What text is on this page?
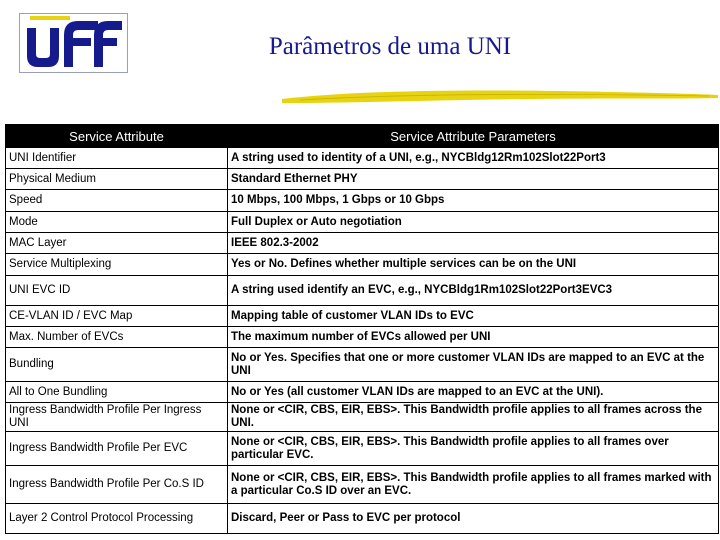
Parâmetros de uma UNI
Service Attribute	Service Attribute Parameters
UNI Identifier	A string used to identity of a UNI, e.g., NYCBldg12Rm102Slot22Port3
Physical Medium	Standard Ethernet PHY
Speed	10 Mbps, 100 Mbps, 1 Gbps or 10 Gbps
Mode	Full Duplex or Auto negotiation
MAC Layer	IEEE 802.3-2002
Service Multiplexing	Yes or No. Defines whether multiple services can be on the UNI
UNI EVC ID	A string used identify an EVC, e.g., NYCBldg1Rm102Slot22Port3EVC3
CE-VLAN ID / EVC Map	Mapping table of customer VLAN IDs to EVC
Max. Number of EVCs	The maximum number of EVCs allowed per UNI
Bundling	No or Yes. Specifies that one or more customer VLAN IDs are mapped to an EVC at the UNI
All to One Bundling	No or Yes (all customer VLAN IDs are mapped to an EVC at the UNI).
Ingress Bandwidth Profile Per Ingress UNI	None or <CIR, CBS, EIR, EBS>. This Bandwidth profile applies to all frames across the UNI.
Ingress Bandwidth Profile Per EVC	None or <CIR, CBS, EIR, EBS>. This Bandwidth profile applies to all frames over particular EVC.
Ingress Bandwidth Profile Per Co.S ID	None or <CIR, CBS, EIR, EBS>. This Bandwidth profile applies to all frames marked with a particular Co.S ID over an EVC.
Layer 2 Control Protocol Processing	Discard, Peer or Pass to EVC per protocol
